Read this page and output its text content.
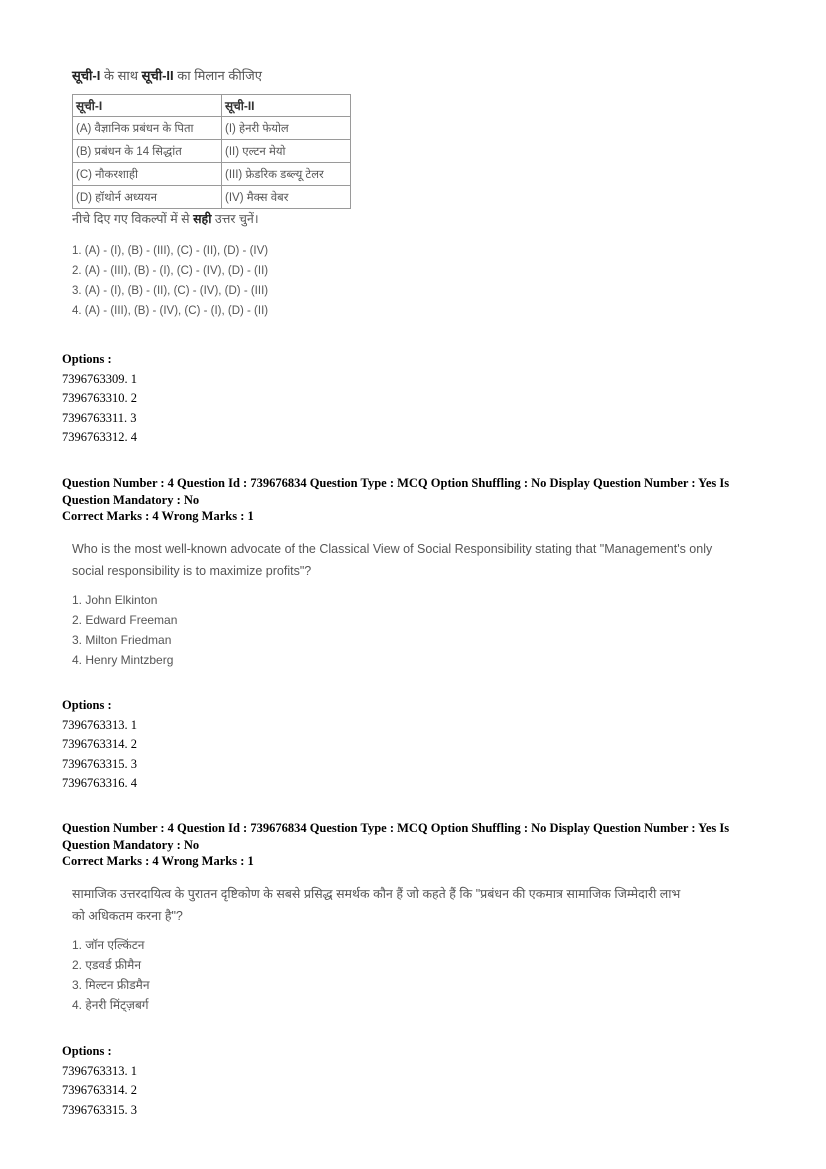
सूची-I के साथ सूची-II का मिलान कीजिए

सूची-I	सूची-II
(A) वैज्ञानिक प्रबंधन के पिता	(I) हेनरी फेयोल
(B) प्रबंधन के 14 सिद्धांत	(II) एल्टन मेयो
(C) नौकरशाही	(III) फ्रेडरिक डब्ल्यू टेलर
(D) हॉथोर्न अध्ययन	(IV) मैक्स वेबर

नीचे दिए गए विकल्पों में से सही उत्तर चुनें।

1. (A) - (I), (B) - (III), (C) - (II), (D) - (IV)
2. (A) - (III), (B) - (I), (C) - (IV), (D) - (II)
3. (A) - (I), (B) - (II), (C) - (IV), (D) - (III)
4. (A) - (III), (B) - (IV), (C) - (I), (D) - (II)
Options :
7396763309. 1
7396763310. 2
7396763311. 3
7396763312. 4
Question Number : 4 Question Id : 739676834 Question Type : MCQ Option Shuffling : No Display Question Number : Yes Is
Question Mandatory : No
Correct Marks : 4 Wrong Marks : 1

Who is the most well-known advocate of the Classical View of Social Responsibility stating that "Management's only

social responsibility is to maximize profits"?

1. John Elkinton
2. Edward Freeman
3. Milton Friedman
4. Henry Mintzberg
Options :
7396763313. 1
7396763314. 2
7396763315. 3
7396763316. 4
Question Number : 4 Question Id : 739676834 Question Type : MCQ Option Shuffling : No Display Question Number : Yes Is
Question Mandatory : No
Correct Marks : 4 Wrong Marks : 1

सामाजिक उत्तरदायित्व के पुरातन दृष्टिकोण के सबसे प्रसिद्ध समर्थक कौन हैं जो कहते हैं कि "प्रबंधन की एकमात्र सामाजिक जिम्मेदारी लाभ

को अधिकतम करना है"?

1. जॉन एल्किंटन
2. एडवर्ड फ्रीमैन
3. मिल्टन फ्रीडमैन
4. हेनरी मिंट्ज़बर्ग
Options :
7396763313. 1
7396763314. 2
7396763315. 3
